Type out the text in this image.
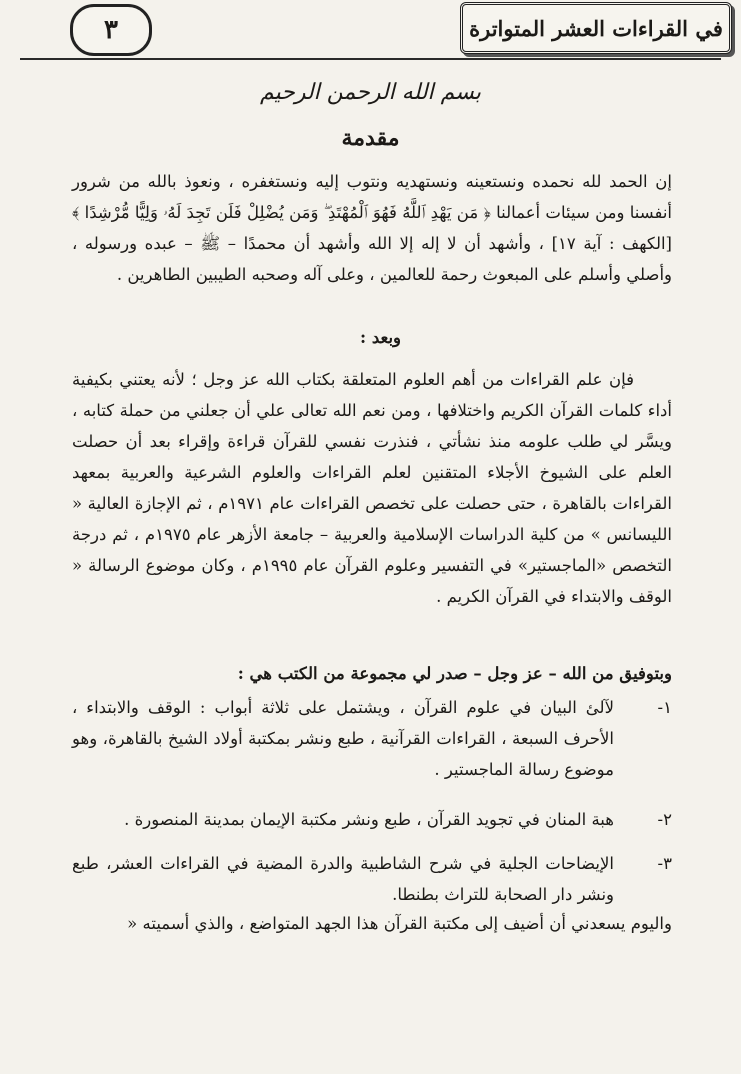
٣	في القراءات العشر المتواترة
بسم الله الرحمن الرحيم
مقدمة
إن الحمد لله نحمده ونستعينه ونستهديه ونتوب إليه ونستغفره ، ونعوذ بالله من شرور أنفسنا ومن سيئات أعمالنا ﴿ مَن يَهْدِ ٱللَّهُ فَهُوَ ٱلْمُهْتَدِ ۖ وَمَن يُضْلِلْ فَلَن تَجِدَ لَهُۥ وَلِيًّا مُّرْشِدًا ﴾ [الكهف : آية ١٧] ، وأشهد أن لا إله إلا الله وأشهد أن محمدًا – ﷺ – عبده ورسوله ، وأصلي وأسلم على المبعوث رحمة للعالمين ، وعلى آله وصحبه الطيبين الطاهرين .
وبعد :
فإن علم القراءات من أهم العلوم المتعلقة بكتاب الله عز وجل ؛ لأنه يعتني بكيفية أداء كلمات القرآن الكريم واختلافها ، ومن نعم الله تعالى علي أن جعلني من حملة كتابه ، ويسَّر لي طلب علومه منذ نشأتي ، فنذرت نفسي للقرآن قراءة وإقراء بعد أن حصلت العلم على الشيوخ الأجلاء المتقنين لعلم القراءات والعلوم الشرعية والعربية بمعهد القراءات بالقاهرة ، حتى حصلت على تخصص القراءات عام ١٩٧١م ، ثم الإجازة العالية « الليسانس » من كلية الدراسات الإسلامية والعربية – جامعة الأزهر عام ١٩٧٥م ، ثم درجة التخصص «الماجستير» في التفسير وعلوم القرآن عام ١٩٩٥م ، وكان موضوع الرسالة « الوقف والابتداء في القرآن الكريم .
وبتوفيق من الله – عز وجل – صدر لي مجموعة من الكتب هي :
١-
لآلئ البيان في علوم القرآن ، ويشتمل على ثلاثة أبواب : الوقف والابتداء ، الأحرف السبعة ، القراءات القرآنية ، طبع ونشر بمكتبة أولاد الشيخ بالقاهرة، وهو موضوع رسالة الماجستير .
٢-
هبة المنان في تجويد القرآن ، طبع ونشر مكتبة الإيمان بمدينة المنصورة .
٣-
الإيضاحات الجلية في شرح الشاطبية والدرة المضية في القراءات العشر، طبع ونشر دار الصحابة للتراث بطنطا.
واليوم يسعدني أن أضيف إلى مكتبة القرآن هذا الجهد المتواضع ، والذي أسميته «
